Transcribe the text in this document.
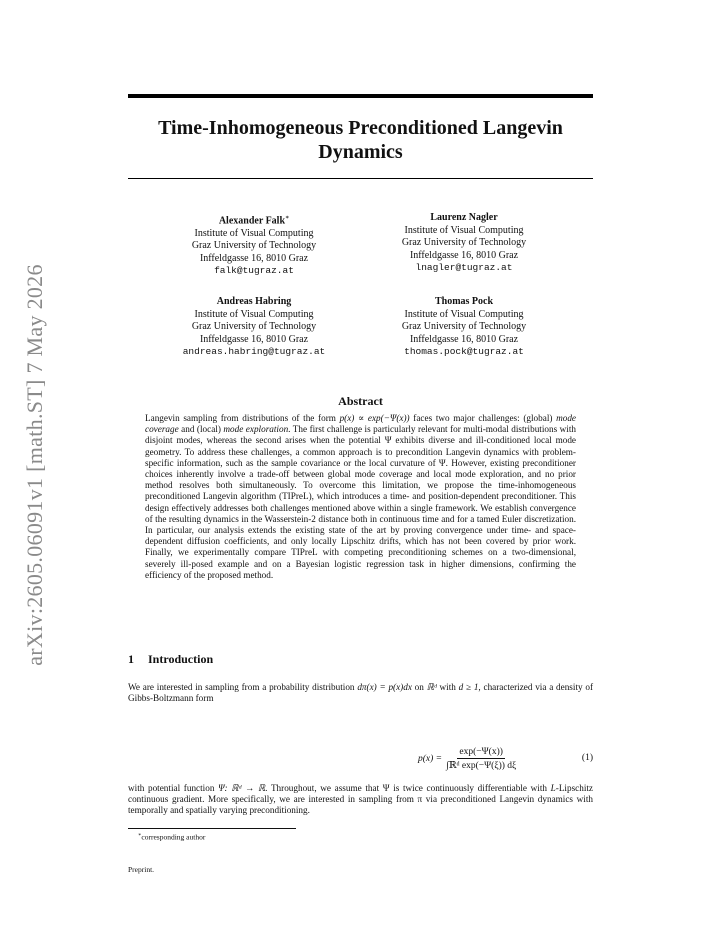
arXiv:2605.06091v1 [math.ST] 7 May 2026
Time-Inhomogeneous Preconditioned Langevin Dynamics
Alexander Falk∗
Institute of Visual Computing
Graz University of Technology
Inffeldgasse 16, 8010 Graz
falk@tugraz.at
Laurenz Nagler
Institute of Visual Computing
Graz University of Technology
Inffeldgasse 16, 8010 Graz
lnagler@tugraz.at
Andreas Habring
Institute of Visual Computing
Graz University of Technology
Inffeldgasse 16, 8010 Graz
andreas.habring@tugraz.at
Thomas Pock
Institute of Visual Computing
Graz University of Technology
Inffeldgasse 16, 8010 Graz
thomas.pock@tugraz.at
Abstract
Langevin sampling from distributions of the form p(x) ∝ exp(−Ψ(x)) faces two major challenges: (global) mode coverage and (local) mode exploration. The first challenge is particularly relevant for multi-modal distributions with disjoint modes, whereas the second arises when the potential Ψ exhibits diverse and ill-conditioned local mode geometry. To address these challenges, a common approach is to precondition Langevin dynamics with problem-specific information, such as the sample covariance or the local curvature of Ψ. However, existing preconditioner choices inherently involve a trade-off between global mode coverage and local mode exploration, and no prior method resolves both simultaneously. To overcome this limitation, we propose the time-inhomogeneous preconditioned Langevin algorithm (TIPreL), which introduces a time- and position-dependent preconditioner. This design effectively addresses both challenges mentioned above within a single framework. We establish convergence of the resulting dynamics in the Wasserstein-2 distance both in continuous time and for a tamed Euler discretization. In particular, our analysis extends the existing state of the art by proving convergence under time- and space-dependent diffusion coefficients, and only locally Lipschitz drifts, which has not been covered by prior work. Finally, we experimentally compare TIPreL with competing preconditioning schemes on a two-dimensional, severely ill-posed example and on a Bayesian logistic regression task in higher dimensions, confirming the efficiency of the proposed method.
1 Introduction
We are interested in sampling from a probability distribution dπ(x) = p(x)dx on ℝᵈ with d ≥ 1, characterized via a density of Gibbs-Boltzmann form
$p(x) = \frac{\exp(-\Psi(x))}{\text{∫ℝᵈ exp(−Ψ(ξ)) dξ}}$	(1)
with potential function Ψ: ℝᵈ → ℝ. Throughout, we assume that Ψ is twice continuously differentiable with L-Lipschitz continuous gradient. More specifically, we are interested in sampling from π via preconditioned Langevin dynamics with temporally and spatially varying preconditioning.
∗corresponding author
Preprint.
